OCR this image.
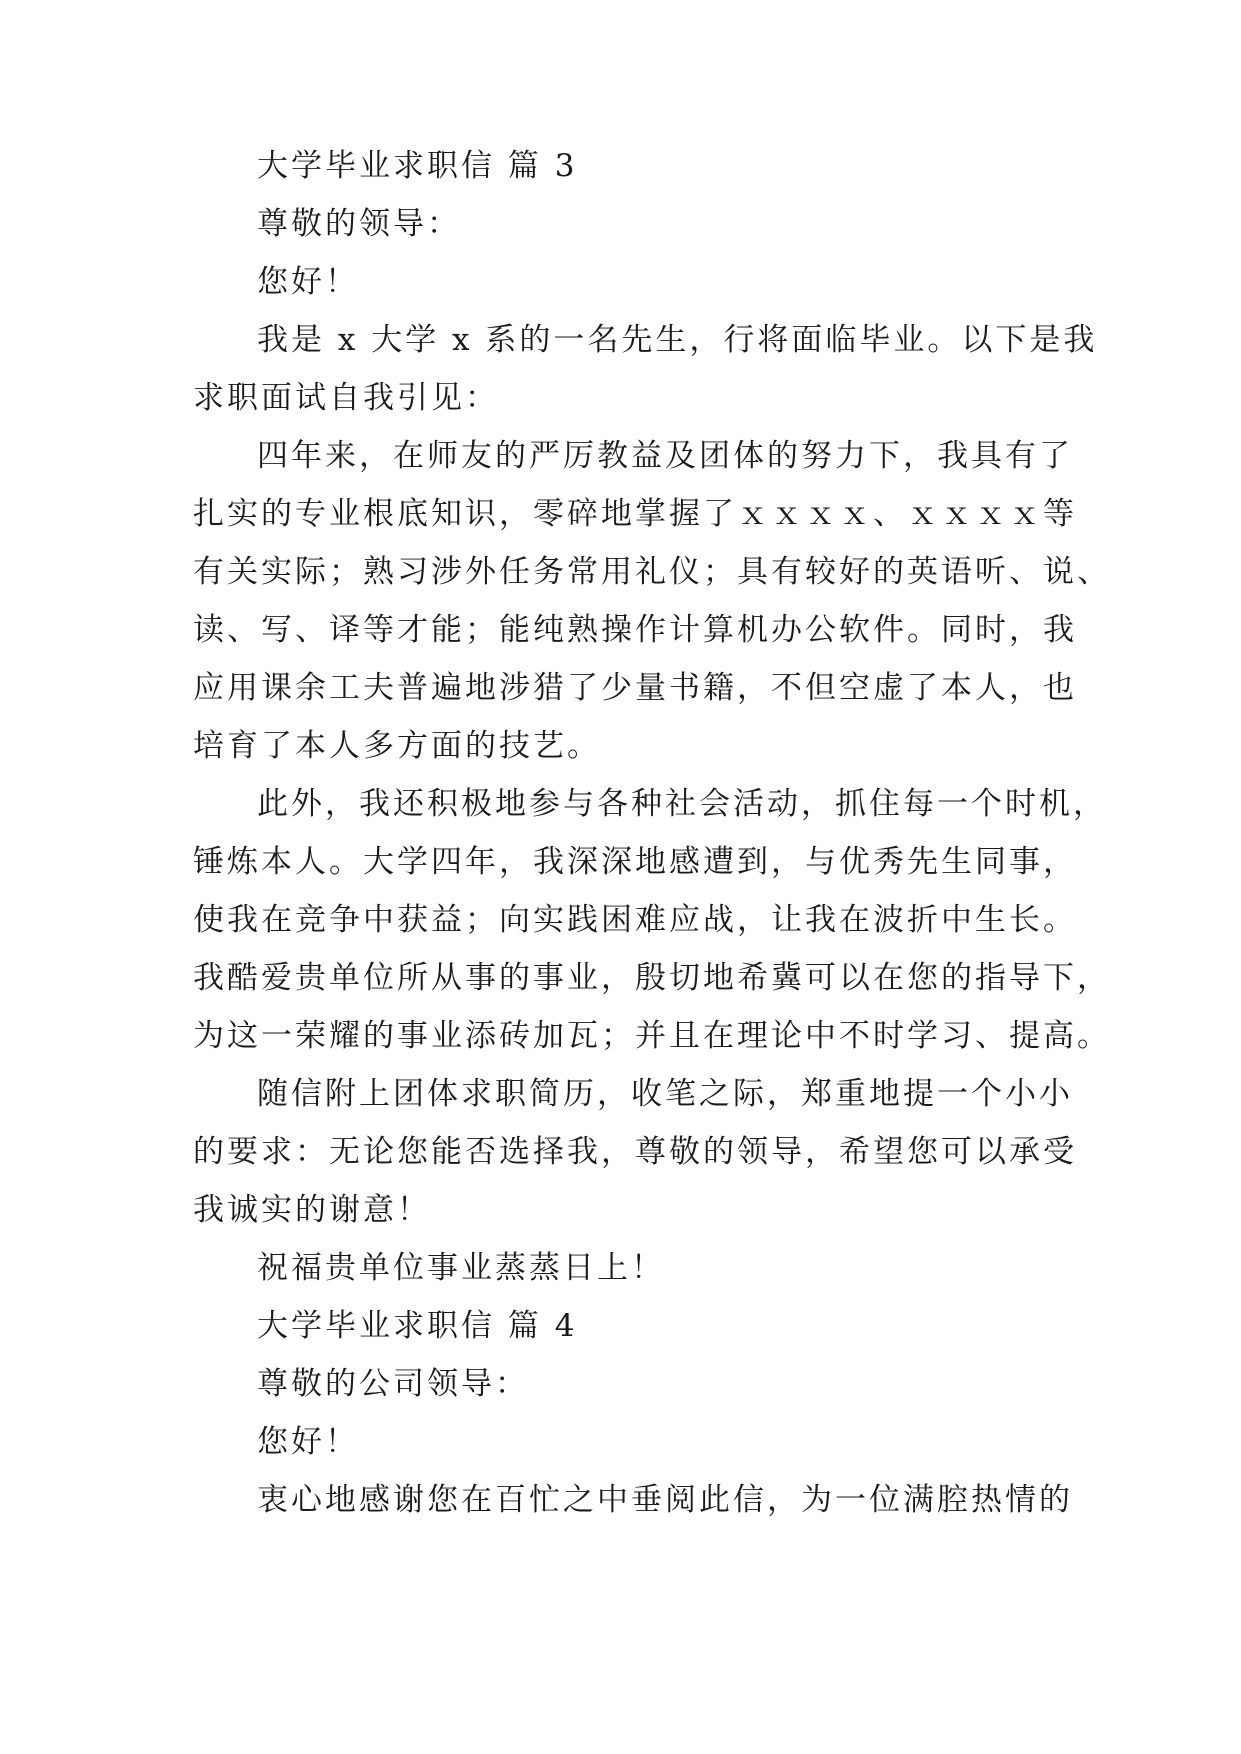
大学毕业求职信 篇 3
尊敬的领导：
您好！
我是 x 大学 x 系的一名先生，行将面临毕业。以下是我
求职面试自我引见：
四年来，在师友的严厉教益及团体的努力下，我具有了
扎实的专业根底知识，零碎地掌握了ｘｘｘｘ、ｘｘｘｘ等
有关实际；熟习涉外任务常用礼仪；具有较好的英语听、说、
读、写、译等才能；能纯熟操作计算机办公软件。同时，我
应用课余工夫普遍地涉猎了少量书籍，不但空虚了本人，也
培育了本人多方面的技艺。
此外，我还积极地参与各种社会活动，抓住每一个时机，
锤炼本人。大学四年，我深深地感遭到，与优秀先生同事，
使我在竞争中获益；向实践困难应战，让我在波折中生长。
我酷爱贵单位所从事的事业，殷切地希冀可以在您的指导下，
为这一荣耀的事业添砖加瓦；并且在理论中不时学习、提高。
随信附上团体求职简历，收笔之际，郑重地提一个小小
的要求：无论您能否选择我，尊敬的领导，希望您可以承受
我诚实的谢意！
祝福贵单位事业蒸蒸日上！
大学毕业求职信 篇 4
尊敬的公司领导：
您好！
衷心地感谢您在百忙之中垂阅此信，为一位满腔热情的
